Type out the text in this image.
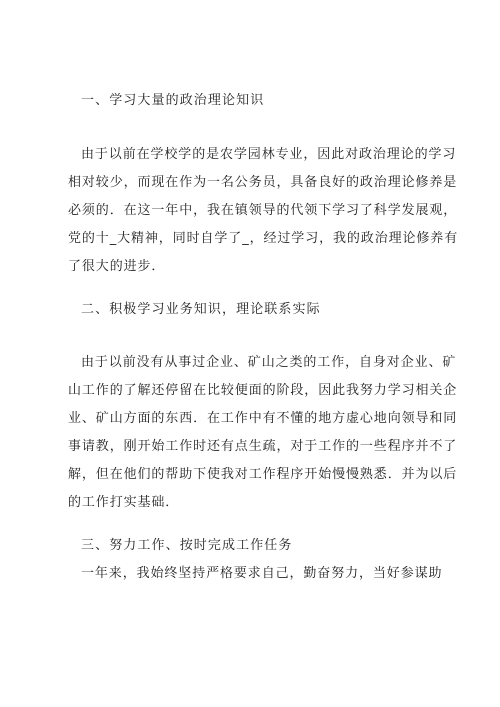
一、学习大量的政治理论知识
由于以前在学校学的是农学园林专业，因此对政治理论的学习
相对较少，而现在作为一名公务员，具备良好的政治理论修养是
必须的．在这一年中，我在镇领导的代领下学习了科学发展观，
党的十_大精神，同时自学了_，经过学习，我的政治理论修养有
了很大的进步．
二、积极学习业务知识，理论联系实际
由于以前没有从事过企业、矿山之类的工作，自身对企业、矿
山工作的了解还停留在比较便面的阶段，因此我努力学习相关企
业、矿山方面的东西．在工作中有不懂的地方虚心地向领导和同
事请教，刚开始工作时还有点生疏，对于工作的一些程序并不了
解，但在他们的帮助下使我对工作程序开始慢慢熟悉．并为以后
的工作打实基础．
三、努力工作、按时完成工作任务
一年来，我始终坚持严格要求自己，勤奋努力，当好参谋助
